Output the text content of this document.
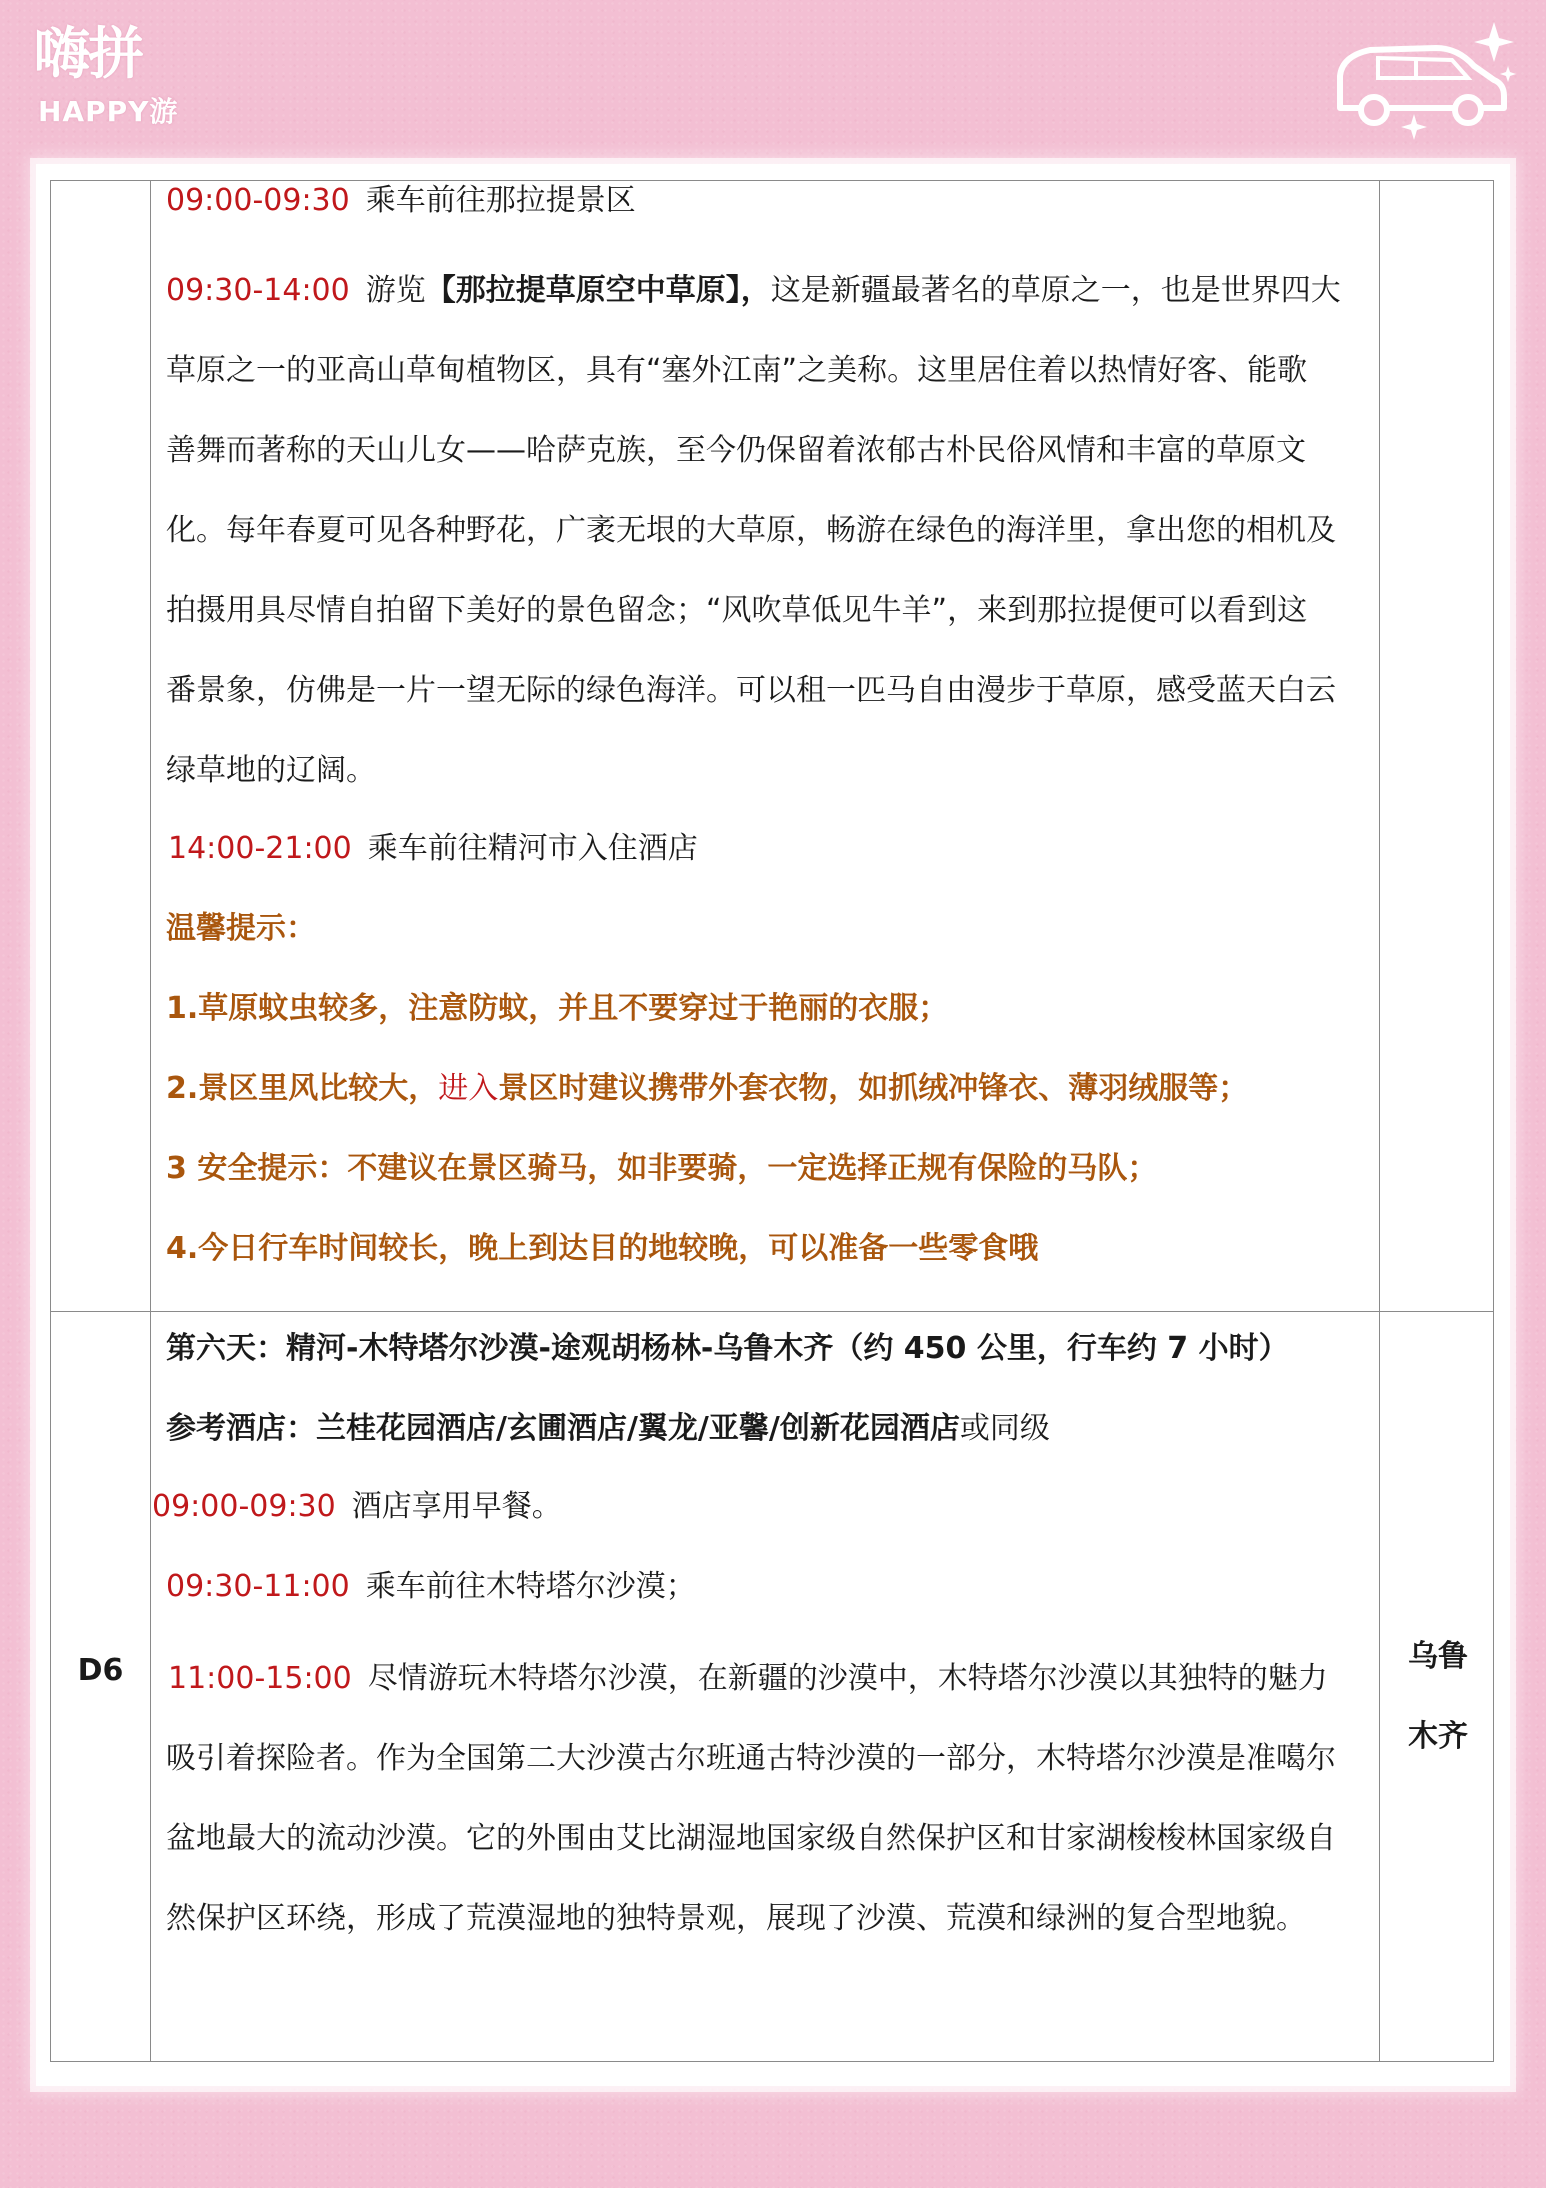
嗨拼
HAPPY游
09:00-09:30 乘车前往那拉提景区
09:30-14:00 游览【那拉提草原空中草原】，这是新疆最著名的草原之一，也是世界四大
草原之一的亚高山草甸植物区，具有“塞外江南”之美称。这里居住着以热情好客、能歌
善舞而著称的天山儿女——哈萨克族，至今仍保留着浓郁古朴民俗风情和丰富的草原文
化。每年春夏可见各种野花，广袤无垠的大草原，畅游在绿色的海洋里，拿出您的相机及
拍摄用具尽情自拍留下美好的景色留念；“风吹草低见牛羊”，来到那拉提便可以看到这
番景象，仿佛是一片一望无际的绿色海洋。可以租一匹马自由漫步于草原，感受蓝天白云
绿草地的辽阔。
14:00-21:00 乘车前往精河市入住酒店
温馨提示：
1.草原蚊虫较多，注意防蚊，并且不要穿过于艳丽的衣服；
2.景区里风比较大，进入景区时建议携带外套衣物，如抓绒冲锋衣、薄羽绒服等；
3 安全提示：不建议在景区骑马，如非要骑，一定选择正规有保险的马队；
4.今日行车时间较长，晚上到达目的地较晚，可以准备一些零食哦
D6	乌鲁
木齐
第六天：精河-木特塔尔沙漠-途观胡杨林-乌鲁木齐（约 450 公里，行车约 7 小时）
参考酒店：兰桂花园酒店/玄圃酒店/翼龙/亚馨/创新花园酒店或同级
09:00-09:30 酒店享用早餐。
09:30-11:00 乘车前往木特塔尔沙漠；
11:00-15:00 尽情游玩木特塔尔沙漠，在新疆的沙漠中，木特塔尔沙漠以其独特的魅力
吸引着探险者。作为全国第二大沙漠古尔班通古特沙漠的一部分，木特塔尔沙漠是准噶尔
盆地最大的流动沙漠。它的外围由艾比湖湿地国家级自然保护区和甘家湖梭梭林国家级自
然保护区环绕，形成了荒漠湿地的独特景观，展现了沙漠、荒漠和绿洲的复合型地貌。
